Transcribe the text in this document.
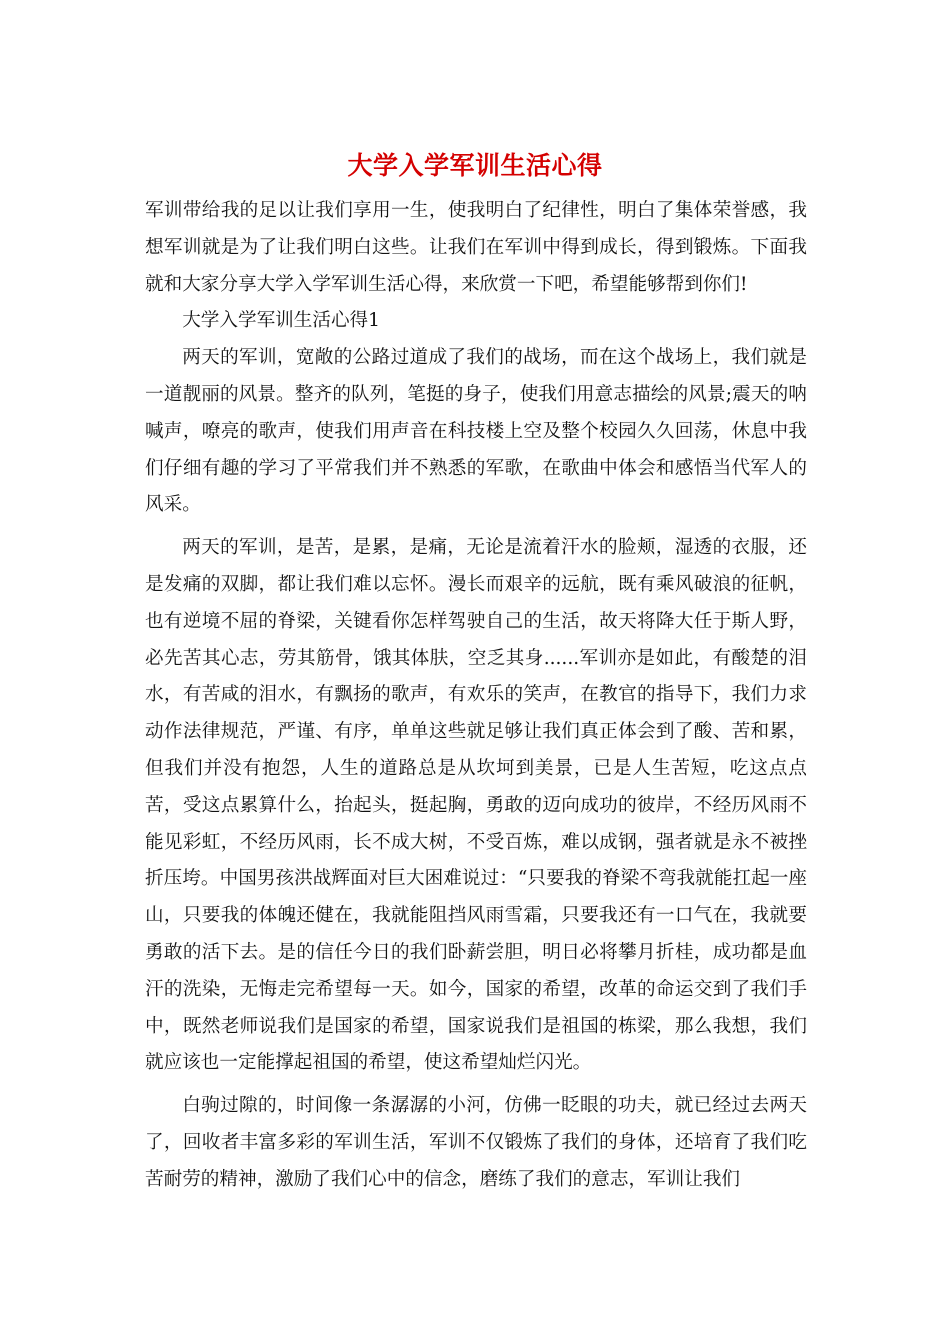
大学入学军训生活心得

军训带给我的足以让我们享用一生，使我明白了纪律性，明白了集体荣誉感，我想军训就是为了让我们明白这些。让我们在军训中得到成长，得到锻炼。下面我就和大家分享大学入学军训生活心得，来欣赏一下吧，希望能够帮到你们!

大学入学军训生活心得1

两天的军训，宽敞的公路过道成了我们的战场，而在这个战场上，我们就是一道靓丽的风景。整齐的队列，笔挺的身子，使我们用意志描绘的风景;震天的呐喊声，嘹亮的歌声，使我们用声音在科技楼上空及整个校园久久回荡，休息中我们仔细有趣的学习了平常我们并不熟悉的军歌，在歌曲中体会和感悟当代军人的风采。

两天的军训，是苦，是累，是痛，无论是流着汗水的脸颊，湿透的衣服，还是发痛的双脚，都让我们难以忘怀。漫长而艰辛的远航，既有乘风破浪的征帆，也有逆境不屈的脊梁，关键看你怎样驾驶自己的生活，故天将降大任于斯人野，必先苦其心志，劳其筋骨，饿其体肤，空乏其身......军训亦是如此，有酸楚的泪水，有苦咸的泪水，有飘扬的歌声，有欢乐的笑声，在教官的指导下，我们力求动作法律规范，严谨、有序，单单这些就足够让我们真正体会到了酸、苦和累，但我们并没有抱怨，人生的道路总是从坎坷到美景，已是人生苦短，吃这点点苦，受这点累算什么，抬起头，挺起胸，勇敢的迈向成功的彼岸，不经历风雨不能见彩虹，不经历风雨，长不成大树，不受百炼，难以成钢，强者就是永不被挫折压垮。中国男孩洪战辉面对巨大困难说过：“只要我的脊梁不弯我就能扛起一座山，只要我的体魄还健在，我就能阻挡风雨雪霜，只要我还有一口气在，我就要勇敢的活下去。是的信任今日的我们卧薪尝胆，明日必将攀月折桂，成功都是血汗的洗染，无悔走完希望每一天。如今，国家的希望，改革的命运交到了我们手中，既然老师说我们是国家的希望，国家说我们是祖国的栋梁，那么我想，我们就应该也一定能撑起祖国的希望，使这希望灿烂闪光。

白驹过隙的，时间像一条潺潺的小河，仿佛一眨眼的功夫，就已经过去两天了，回收者丰富多彩的军训生活，军训不仅锻炼了我们的身体，还培育了我们吃苦耐劳的精神，激励了我们心中的信念，磨练了我们的意志，军训让我们
